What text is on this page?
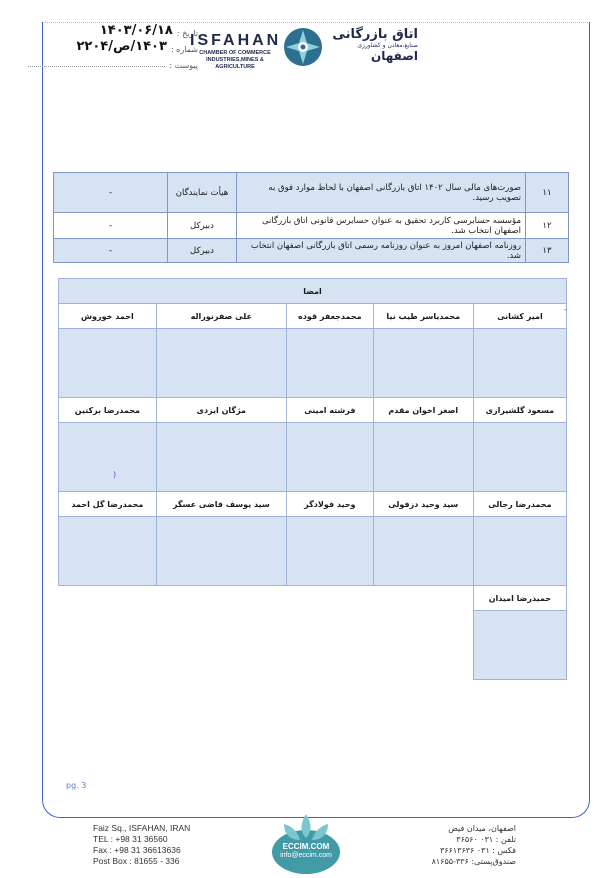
تاریخ :
۱۴۰۳/۰۶/۱۸
شماره :
۱۴۰۳/ص/۲۲۰۴
پیوست :
ISFAHAN
CHAMBER OF COMMERCE
INDUSTRIES,MINES & AGRICULTURE
اتاق بازرگانی
صنایع،معادن و کشاورزی
اصفهان
۱۱	صورت‌های مالی سال ۱۴۰۲ اتاق بازرگانی اصفهان با لحاظ موارد فوق به تصویب رسید.	هیأت نمایندگان	-
۱۲	مؤسسه حسابرسی کاربرد تحقیق به عنوان حسابرس قانونی اتاق بازرگانی اصفهان انتخاب شد.	دبیرکل	-
۱۳	روزنامه اصفهان امروز به عنوان روزنامه رسمی اتاق بازرگانی اصفهان انتخاب شد.	دبیرکل	-
امضا				
امیر کشانی	محمدیاسر طیب نیا	محمدجعفر قوده	علی صفرنوراله	احمد خوروش

مسعود گلشیرازی	اصغر اخوان مقدم	فرشته امینی	مژگان ایزدی	محمدرضا برکتین

محمدرضا رجالی	سید وحید دزفولی	وحید فولادگر	سید یوسف قاضی عسگر	محمدرضا گل احمد

حمیدرضا امیدان				

)
-
pg. 3
Faiz Sq., ISFAHAN, IRAN
TEL : +98 31 36560
Fax : +98 31 36613636
Post Box : 81655 - 336
ECCIM.COM
info@eccim.com
اصفهان، میدان فیض
تلفن : ۰۳۱ ۳۶۵۶۰
فکس : ۰۳۱ ۳۶۶۱۳۶۳۶
صندوق‌پستی: ۳۳۶-۸۱۶۵۵
